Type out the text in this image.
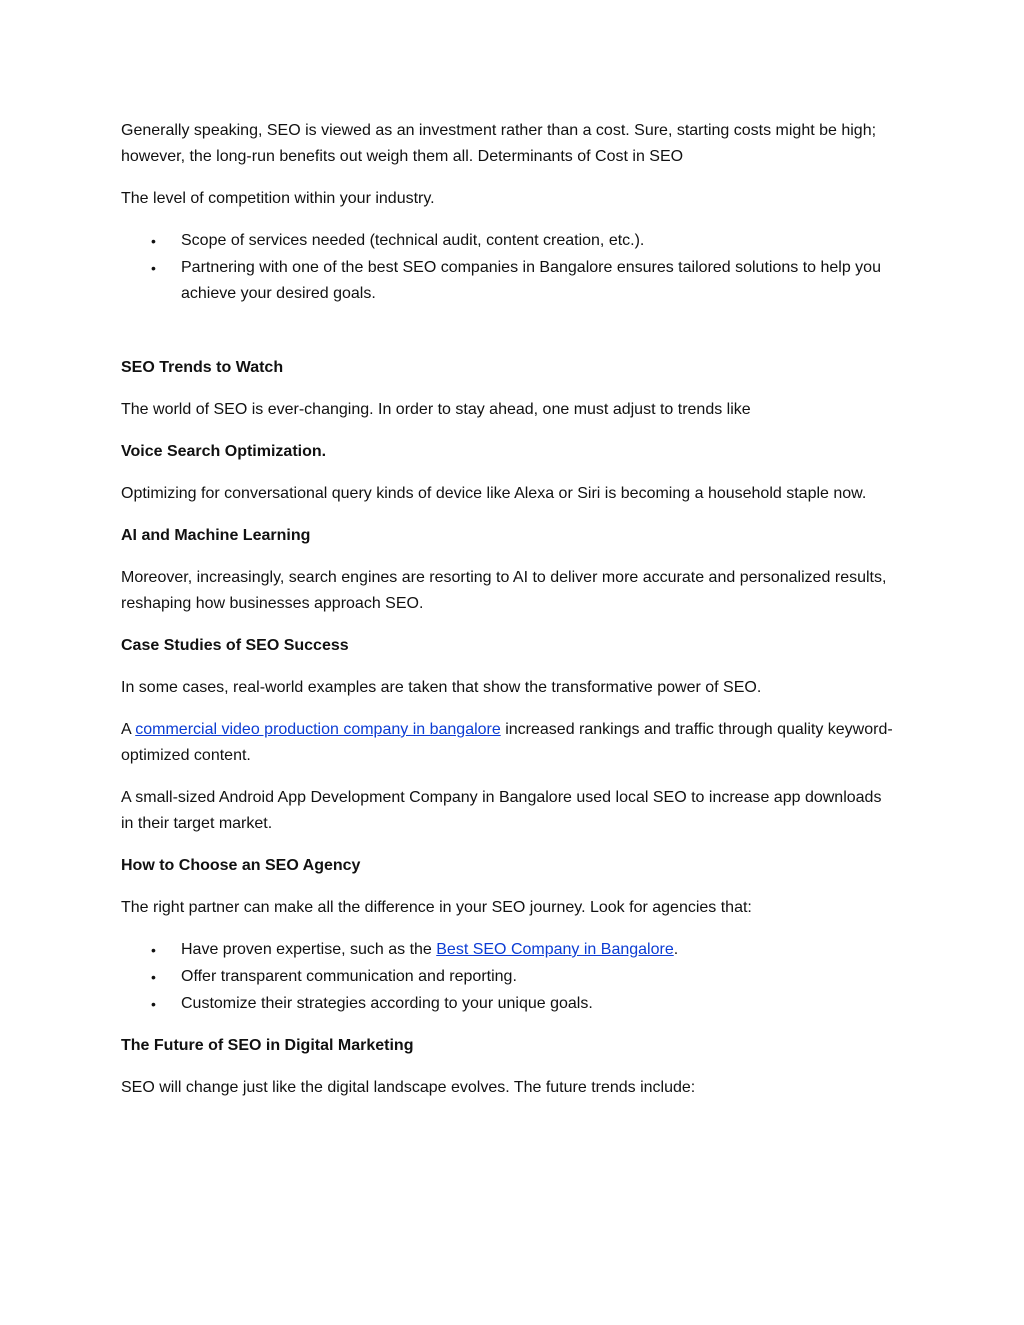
Generally speaking, SEO is viewed as an investment rather than a cost. Sure, starting costs might be high; however, the long-run benefits out weigh them all. Determinants of Cost in SEO

The level of competition within your industry.

• Scope of services needed (technical audit, content creation, etc.).
• Partnering with one of the best SEO companies in Bangalore ensures tailored solutions to help you achieve your desired goals.
SEO Trends to Watch

The world of SEO is ever-changing. In order to stay ahead, one must adjust to trends like

Voice Search Optimization.

Optimizing for conversational query kinds of device like Alexa or Siri is becoming a household staple now.

AI and Machine Learning

Moreover, increasingly, search engines are resorting to AI to deliver more accurate and personalized results, reshaping how businesses approach SEO.

Case Studies of SEO Success

In some cases, real-world examples are taken that show the transformative power of SEO.

A commercial video production company in bangalore increased rankings and traffic through quality keyword-optimized content.

A small-sized Android App Development Company in Bangalore used local SEO to increase app downloads in their target market.

How to Choose an SEO Agency

The right partner can make all the difference in your SEO journey. Look for agencies that:

• Have proven expertise, such as the Best SEO Company in Bangalore.
• Offer transparent communication and reporting.
• Customize their strategies according to your unique goals.
The Future of SEO in Digital Marketing

SEO will change just like the digital landscape evolves. The future trends include:
